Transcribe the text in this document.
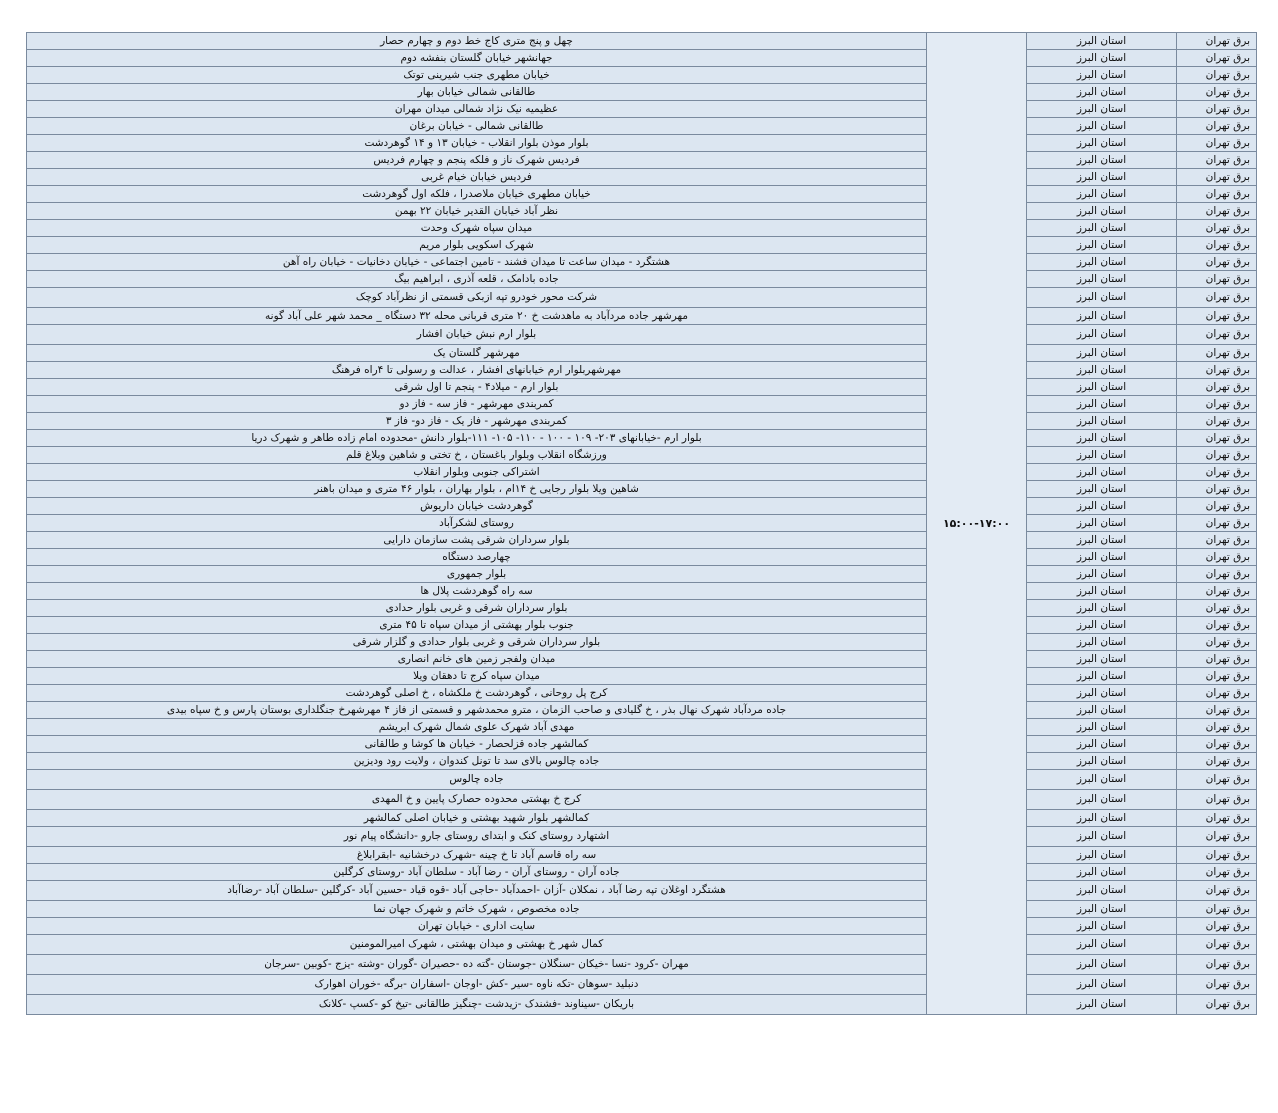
برق تهران	استان البرز	۱۵:۰۰-۱۷:۰۰	چهل و پنج متری کاج خط دوم و چهارم حصار
برق تهران	استان البرز		جهانشهر خیابان گلستان بنفشه دوم
برق تهران	استان البرز		خیابان مطهری جنب شیرینی توتک
برق تهران	استان البرز		طالقانی شمالی خیابان بهار
برق تهران	استان البرز		عظیمیه نیک نژاد شمالی میدان مهران
برق تهران	استان البرز		طالقانی شمالی - خیابان برغان
برق تهران	استان البرز		بلوار موذن بلوار انقلاب - خیابان ۱۳ و ۱۴ گوهردشت
برق تهران	استان البرز		فردیس شهرک ناز و فلکه پنجم و چهارم فردیس
برق تهران	استان البرز		فردیس خیابان خیام غربی
برق تهران	استان البرز		خیابان مطهری خیابان ملاصدرا ، فلکه اول گوهردشت
برق تهران	استان البرز		نظر آباد خیابان القدیر خیابان ۲۲ بهمن
برق تهران	استان البرز		میدان سپاه شهرک وحدت
برق تهران	استان البرز		شهرک اسکویی بلوار مریم
برق تهران	استان البرز		هشتگرد - میدان ساعت تا میدان فشند - تامین اجتماعی - خیابان دخانیات - خیابان راه آهن
برق تهران	استان البرز		جاده بادامک ، قلعه آذری ، ابراهیم بیگ
برق تهران	استان البرز		شرکت محور خودرو تپه ازبکی قسمتی از نظرآباد کوچک
برق تهران	استان البرز		مهرشهر جاده مردآباد به ماهدشت خ ۲۰ متری قربانی محله ۳۲ دستگاه _ محمد شهر علی آباد گونه
برق تهران	استان البرز		بلوار ارم نبش خیابان افشار
برق تهران	استان البرز		مهرشهر گلستان یک
برق تهران	استان البرز		مهرشهربلوار ارم خیابانهای افشار ، عدالت و رسولی تا ۴راه فرهنگ
برق تهران	استان البرز		بلوار ارم - میلاد۴ - پنجم تا اول شرقی
برق تهران	استان البرز		کمربندی مهرشهر - فاز سه - فاز دو
برق تهران	استان البرز		کمربندی مهرشهر - فاز یک - فاز دو- فاز ۳
برق تهران	استان البرز		بلوار ارم -خیابانهای ۲۰۳- ۱۰۹ - ۱۰۰ - ۱۱۰- ۱۰۵- ۱۱۱-بلوار دانش -محدوده امام زاده طاهر و شهرک دریا
برق تهران	استان البرز		ورزشگاه انقلاب وبلوار باغستان ، خ تختی و شاهین وبلاغ قلم
برق تهران	استان البرز		اشتراکی جنوبی وبلوار انقلاب
برق تهران	استان البرز		شاهین ویلا بلوار رجایی خ ۱۴ام ، بلوار بهاران ، بلوار ۴۶ متری و میدان باهنر
برق تهران	استان البرز		گوهردشت خیابان داریوش
برق تهران	استان البرز		روستای لشکرآباد
برق تهران	استان البرز		بلوار سرداران شرقی پشت سازمان دارایی
برق تهران	استان البرز		چهارصد دستگاه
برق تهران	استان البرز		بلوار جمهوری
برق تهران	استان البرز		سه راه گوهردشت پلال ها
برق تهران	استان البرز		بلوار سرداران شرقی و غربی بلوار حدادی
برق تهران	استان البرز		جنوب بلوار بهشتی از میدان سپاه تا ۴۵ متری
برق تهران	استان البرز		بلوار سرداران شرقی و غربی بلوار حدادی و گلزار شرقی
برق تهران	استان البرز		میدان ولفجر زمین های خانم انصاری
برق تهران	استان البرز		میدان سپاه کرج تا دهقان ویلا
برق تهران	استان البرز		کرج پل روحانی ، گوهردشت خ ملکشاه ، خ اصلی گوهردشت
برق تهران	استان البرز		جاده مردآباد شهرک نهال بذر ، خ گلیادی و صاحب الزمان ، مترو محمدشهر و قسمتی از فاز ۴ مهرشهرخ جنگلداری بوستان پارس و خ سپاه بیدی
برق تهران	استان البرز		مهدی آباد شهرک علوی شمال شهرک ابریشم
برق تهران	استان البرز		کمالشهر جاده قزلحصار - خیابان ها کوشا و طالقانی
برق تهران	استان البرز		جاده چالوس بالای سد تا تونل کندوان ، ولایت رود ودیزین
برق تهران	استان البرز		جاده چالوس
برق تهران	استان البرز		کرج خ بهشتی محدوده حصارک پایین و خ المهدی
برق تهران	استان البرز		کمالشهر بلوار شهید بهشتی و خیابان اصلی کمالشهر
برق تهران	استان البرز		اشتهارد روستای کنک و ابتدای روستای جارو -دانشگاه پیام نور
برق تهران	استان البرز		سه راه قاسم آباد تا خ چینه -شهرک درخشانیه -ابقرابلاغ
برق تهران	استان البرز		جاده آران - روستای آران - رضا آباد - سلطان آباد -روستای کرگلین
برق تهران	استان البرز		هشتگرد اوغلان تپه رضا آباد ، نمکلان -آزان -احمدآباد -حاجی آباد -قوه قیاد -حسین آباد -کرگلین -سلطان آباد -رضاآباد
برق تهران	استان البرز		جاده مخصوص ، شهرک خاتم و شهرک جهان نما
برق تهران	استان البرز		سایت اداری - خیابان تهران
برق تهران	استان البرز		کمال شهر خ بهشتی و میدان بهشتی ، شهرک امیرالمومنین
برق تهران	استان البرز		مهران -کرود -نسا -خیکان -سنگلان -جوستان -گته ده -حصیران -گوران -وشته -یزج -کوبین -سرجان
برق تهران	استان البرز		دنبلید -سوهان -تکه ناوه -سیر -کش -اوجان -اسفاران -برگه -خوران اهوارک
برق تهران	استان البرز		باریکان -سیناوند -فشندک -زیدشت -چنگیز طالقانی -تیخ کو -کسپ -کلانک
